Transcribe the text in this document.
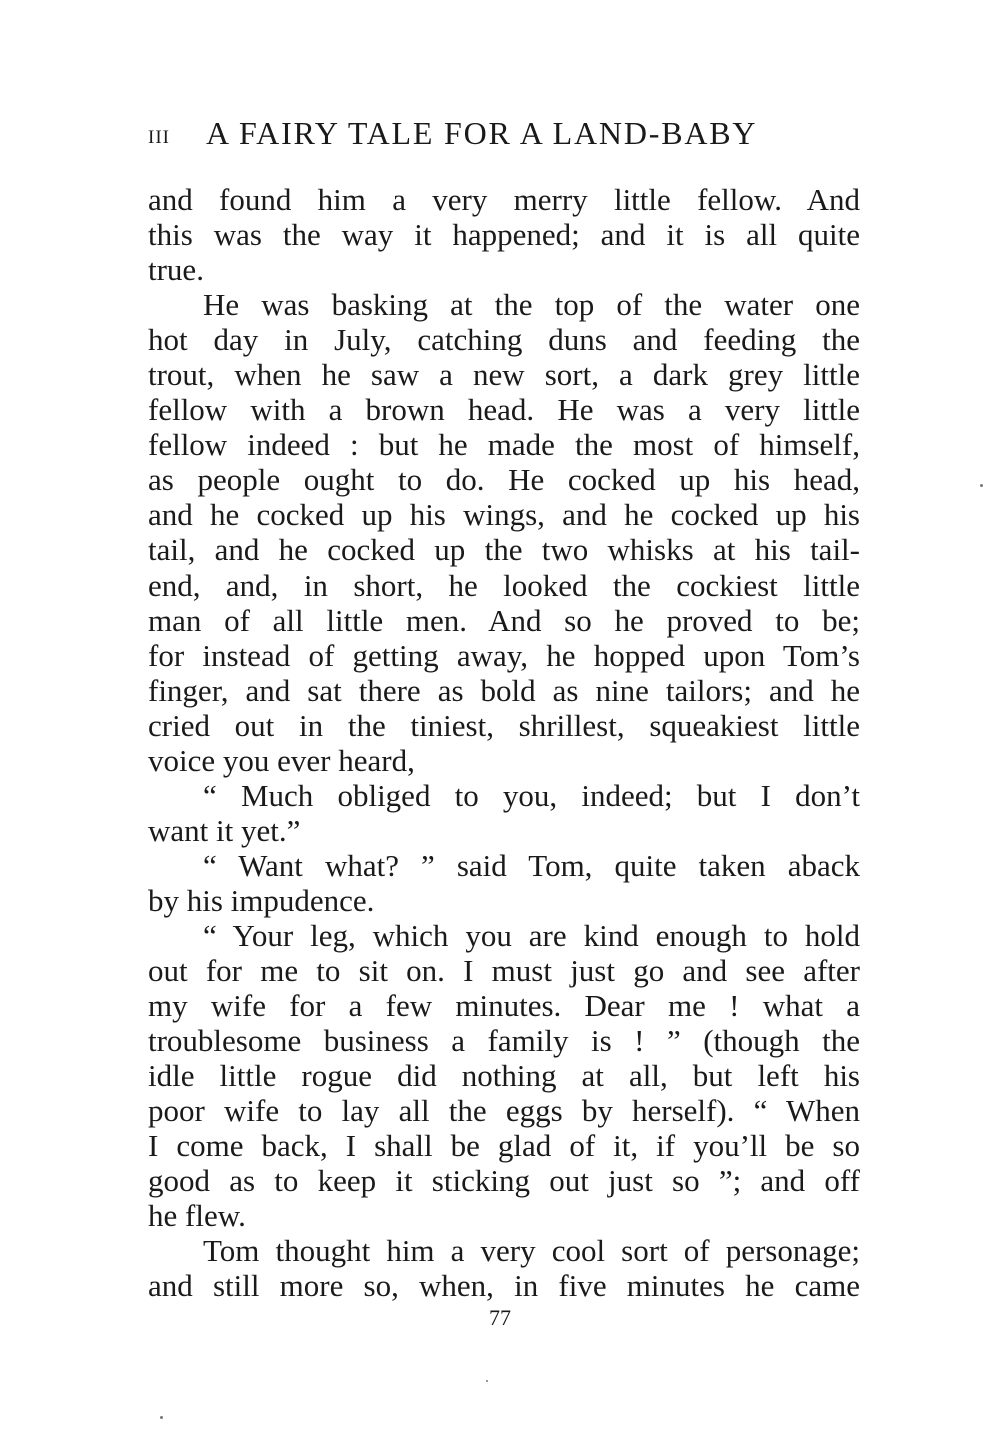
III A FAIRY TALE FOR A LAND-BABY
and found him a very merry little fellow. And
this was the way it happened; and it is all quite
true.
He was basking at the top of the water one
hot day in July, catching duns and feeding the
trout, when he saw a new sort, a dark grey little
fellow with a brown head. He was a very little
fellow indeed : but he made the most of himself,
as people ought to do. He cocked up his head,
and he cocked up his wings, and he cocked up his
tail, and he cocked up the two whisks at his tail-
end, and, in short, he looked the cockiest little
man of all little men. And so he proved to be;
for instead of getting away, he hopped upon Tom’s
finger, and sat there as bold as nine tailors; and he
cried out in the tiniest, shrillest, squeakiest little
voice you ever heard,
“ Much obliged to you, indeed; but I don’t
want it yet.”
“ Want what? ” said Tom, quite taken aback
by his impudence.
“ Your leg, which you are kind enough to hold
out for me to sit on. I must just go and see after
my wife for a few minutes. Dear me ! what a
troublesome business a family is ! ” (though the
idle little rogue did nothing at all, but left his
poor wife to lay all the eggs by herself). “ When
I come back, I shall be glad of it, if you’ll be so
good as to keep it sticking out just so ”; and off
he flew.
Tom thought him a very cool sort of personage;
and still more so, when, in five minutes he came
77
